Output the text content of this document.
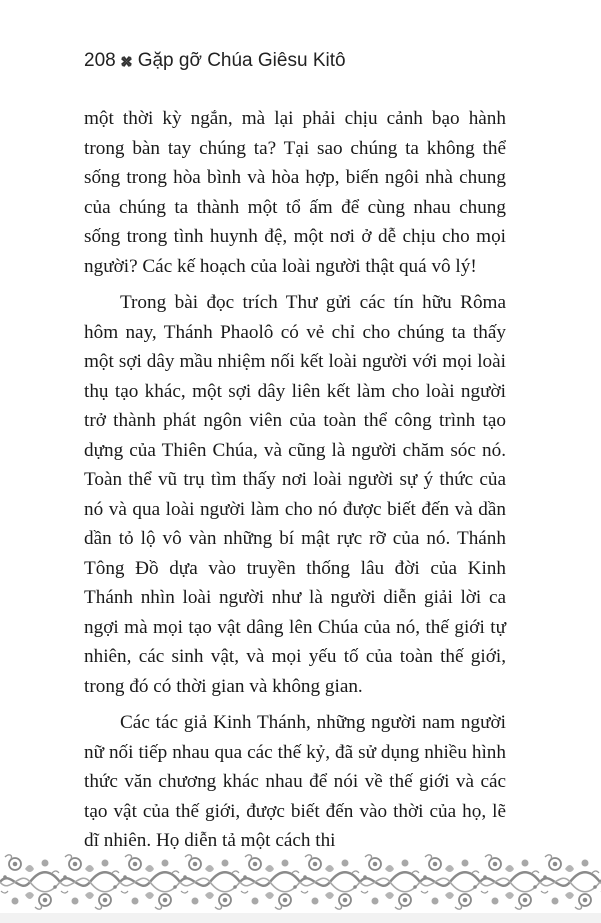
208 Gặp gỡ Chúa Giêsu Kitô

một thời kỳ ngắn, mà lại phải chịu cảnh bạo hành trong bàn tay chúng ta? Tại sao chúng ta không thể sống trong hòa bình và hòa hợp, biến ngôi nhà chung của chúng ta thành một tổ ấm để cùng nhau chung sống trong tình huynh đệ, một nơi ở dễ chịu cho mọi người? Các kế hoạch của loài người thật quá vô lý!

Trong bài đọc trích Thư gửi các tín hữu Rôma hôm nay, Thánh Phaolô có vẻ chỉ cho chúng ta thấy một sợi dây mầu nhiệm nối kết loài người với mọi loài thụ tạo khác, một sợi dây liên kết làm cho loài người trở thành phát ngôn viên của toàn thể công trình tạo dựng của Thiên Chúa, và cũng là người chăm sóc nó. Toàn thể vũ trụ tìm thấy nơi loài người sự ý thức của nó và qua loài người làm cho nó được biết đến và dần dần tỏ lộ vô vàn những bí mật rực rỡ của nó. Thánh Tông Đồ dựa vào truyền thống lâu đời của Kinh Thánh nhìn loài người như là người diễn giải lời ca ngợi mà mọi tạo vật dâng lên Chúa của nó, thế giới tự nhiên, các sinh vật, và mọi yếu tố của toàn thế giới, trong đó có thời gian và không gian.

Các tác giả Kinh Thánh, những người nam người nữ nối tiếp nhau qua các thế kỷ, đã sử dụng nhiều hình thức văn chương khác nhau để nói về thế giới và các tạo vật của thế giới, được biết đến vào thời của họ, lẽ dĩ nhiên. Họ diễn tả một cách thi
